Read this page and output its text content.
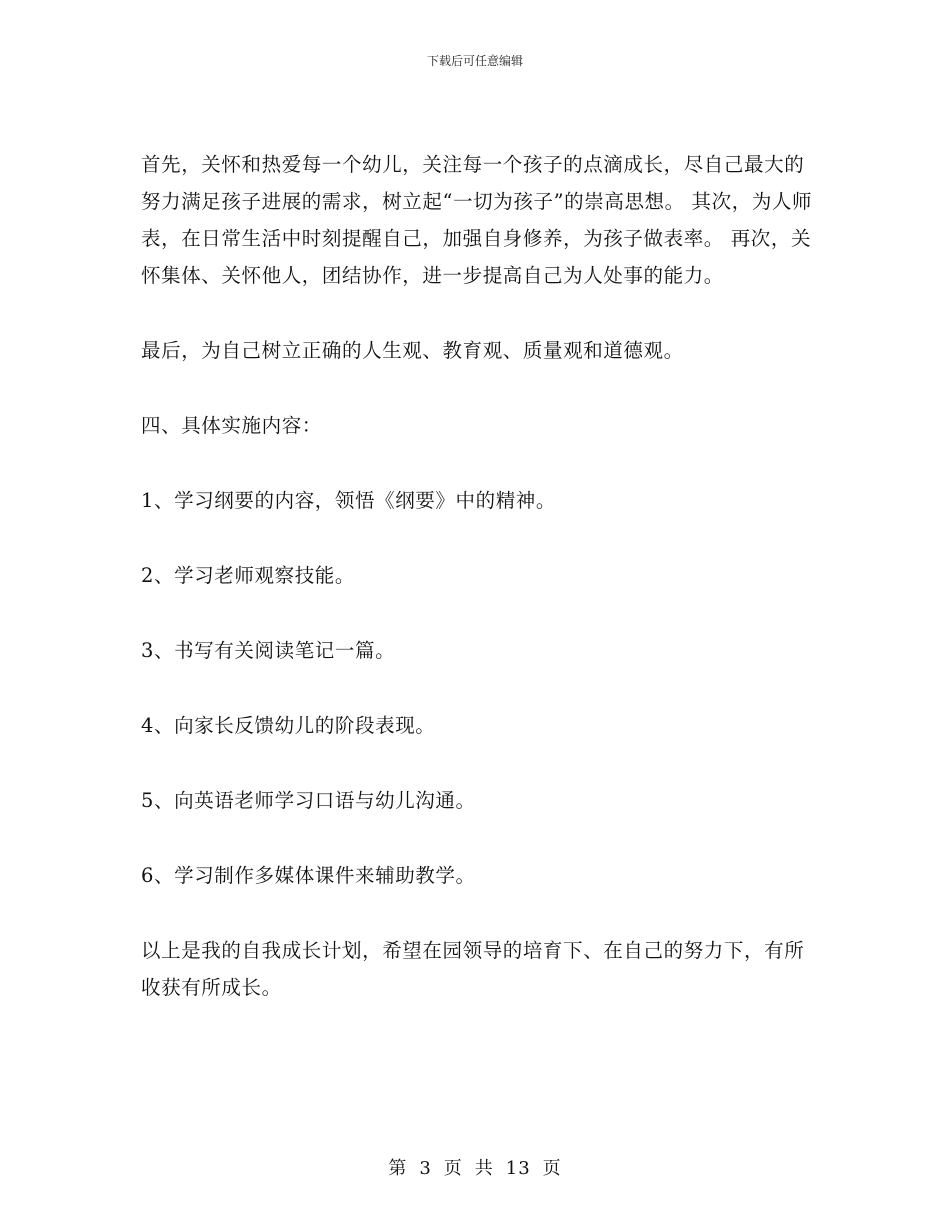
下载后可任意编辑

首先，关怀和热爱每一个幼儿，关注每一个孩子的点滴成长，尽自己最大的努力满足孩子进展的需求，树立起“一切为孩子”的崇高思想。 其次，为人师表，在日常生活中时刻提醒自己，加强自身修养，为孩子做表率。 再次，关怀集体、关怀他人，团结协作，进一步提高自己为人处事的能力。

最后，为自己树立正确的人生观、教育观、质量观和道德观。

四、具体实施内容：

1、学习纲要的内容，领悟《纲要》中的精神。

2、学习老师观察技能。

3、书写有关阅读笔记一篇。

4、向家长反馈幼儿的阶段表现。

5、向英语老师学习口语与幼儿沟通。

6、学习制作多媒体课件来辅助教学。

以上是我的自我成长计划，希望在园领导的培育下、在自己的努力下，有所收获有所成长。

第 3 页 共 13 页
